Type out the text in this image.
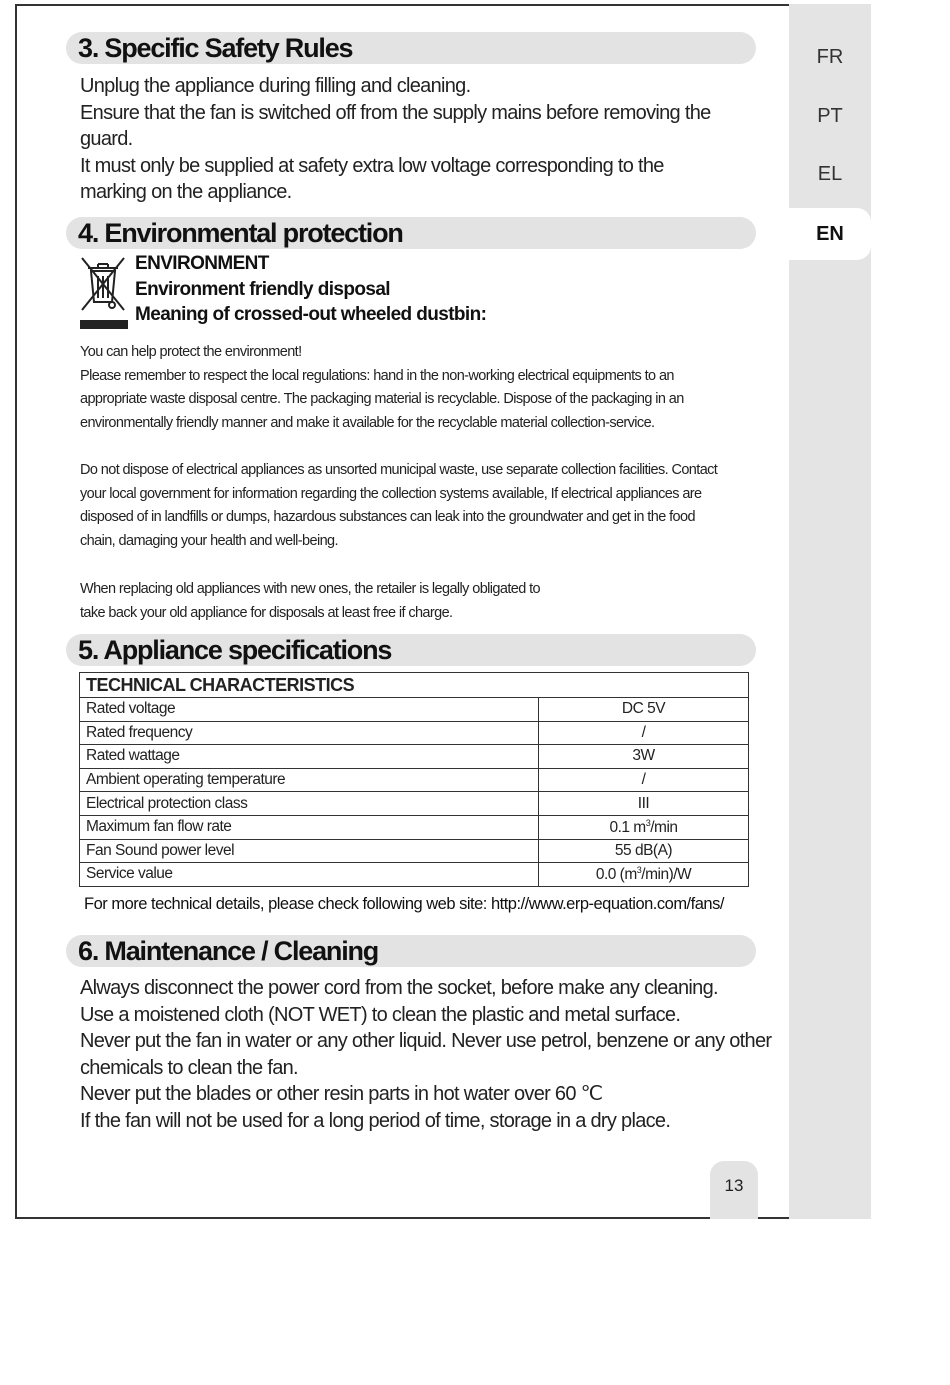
FR
PT
EL
EN
3. Specific Safety Rules

Unplug the appliance during filling and cleaning.
Ensure that the fan is switched off from the supply mains before removing the
guard.
It must only be supplied at safety extra low voltage corresponding to the
marking on the appliance.

4. Environmental protection
ENVIRONMENT
Environment friendly disposal
Meaning of crossed-out wheeled dustbin:

You can help protect the environment!
Please remember to respect the local regulations: hand in the non-working electrical equipments to an
appropriate waste disposal centre. The packaging material is recyclable. Dispose of the packaging in an
environmentally friendly manner and make it available for the recyclable material collection-service.

Do not dispose of electrical appliances as unsorted municipal waste, use separate collection facilities. Contact
your local government for information regarding the collection systems available, If electrical appliances are
disposed of in landfills or dumps, hazardous substances can leak into the groundwater and get in the food
chain, damaging your health and well-being.

When replacing old appliances with new ones, the retailer is legally obligated to
take back your old appliance for disposals at least free if charge.

5. Appliance specifications
TECHNICAL CHARACTERISTICS	
Rated voltage	DC 5V
Rated frequency	/
Rated wattage	3W
Ambient operating temperature	/
Electrical protection class	III
Maximum fan flow rate	0.1 $m^3/\min$
Fan Sound power level	55 dB(A)
Service value	0.0 $(m^3/\min)/W$
For more technical details, please check following web site: http://www.erp-equation.com/fans/
6. Maintenance / Cleaning

Always disconnect the power cord from the socket, before make any cleaning.
Use a moistened cloth (NOT WET) to clean the plastic and metal surface.
Never put the fan in water or any other liquid. Never use petrol, benzene or any other
chemicals to clean the fan.
Never put the blades or other resin parts in hot water over 60 ℃
If the fan will not be used for a long period of time, storage in a dry place.

13
